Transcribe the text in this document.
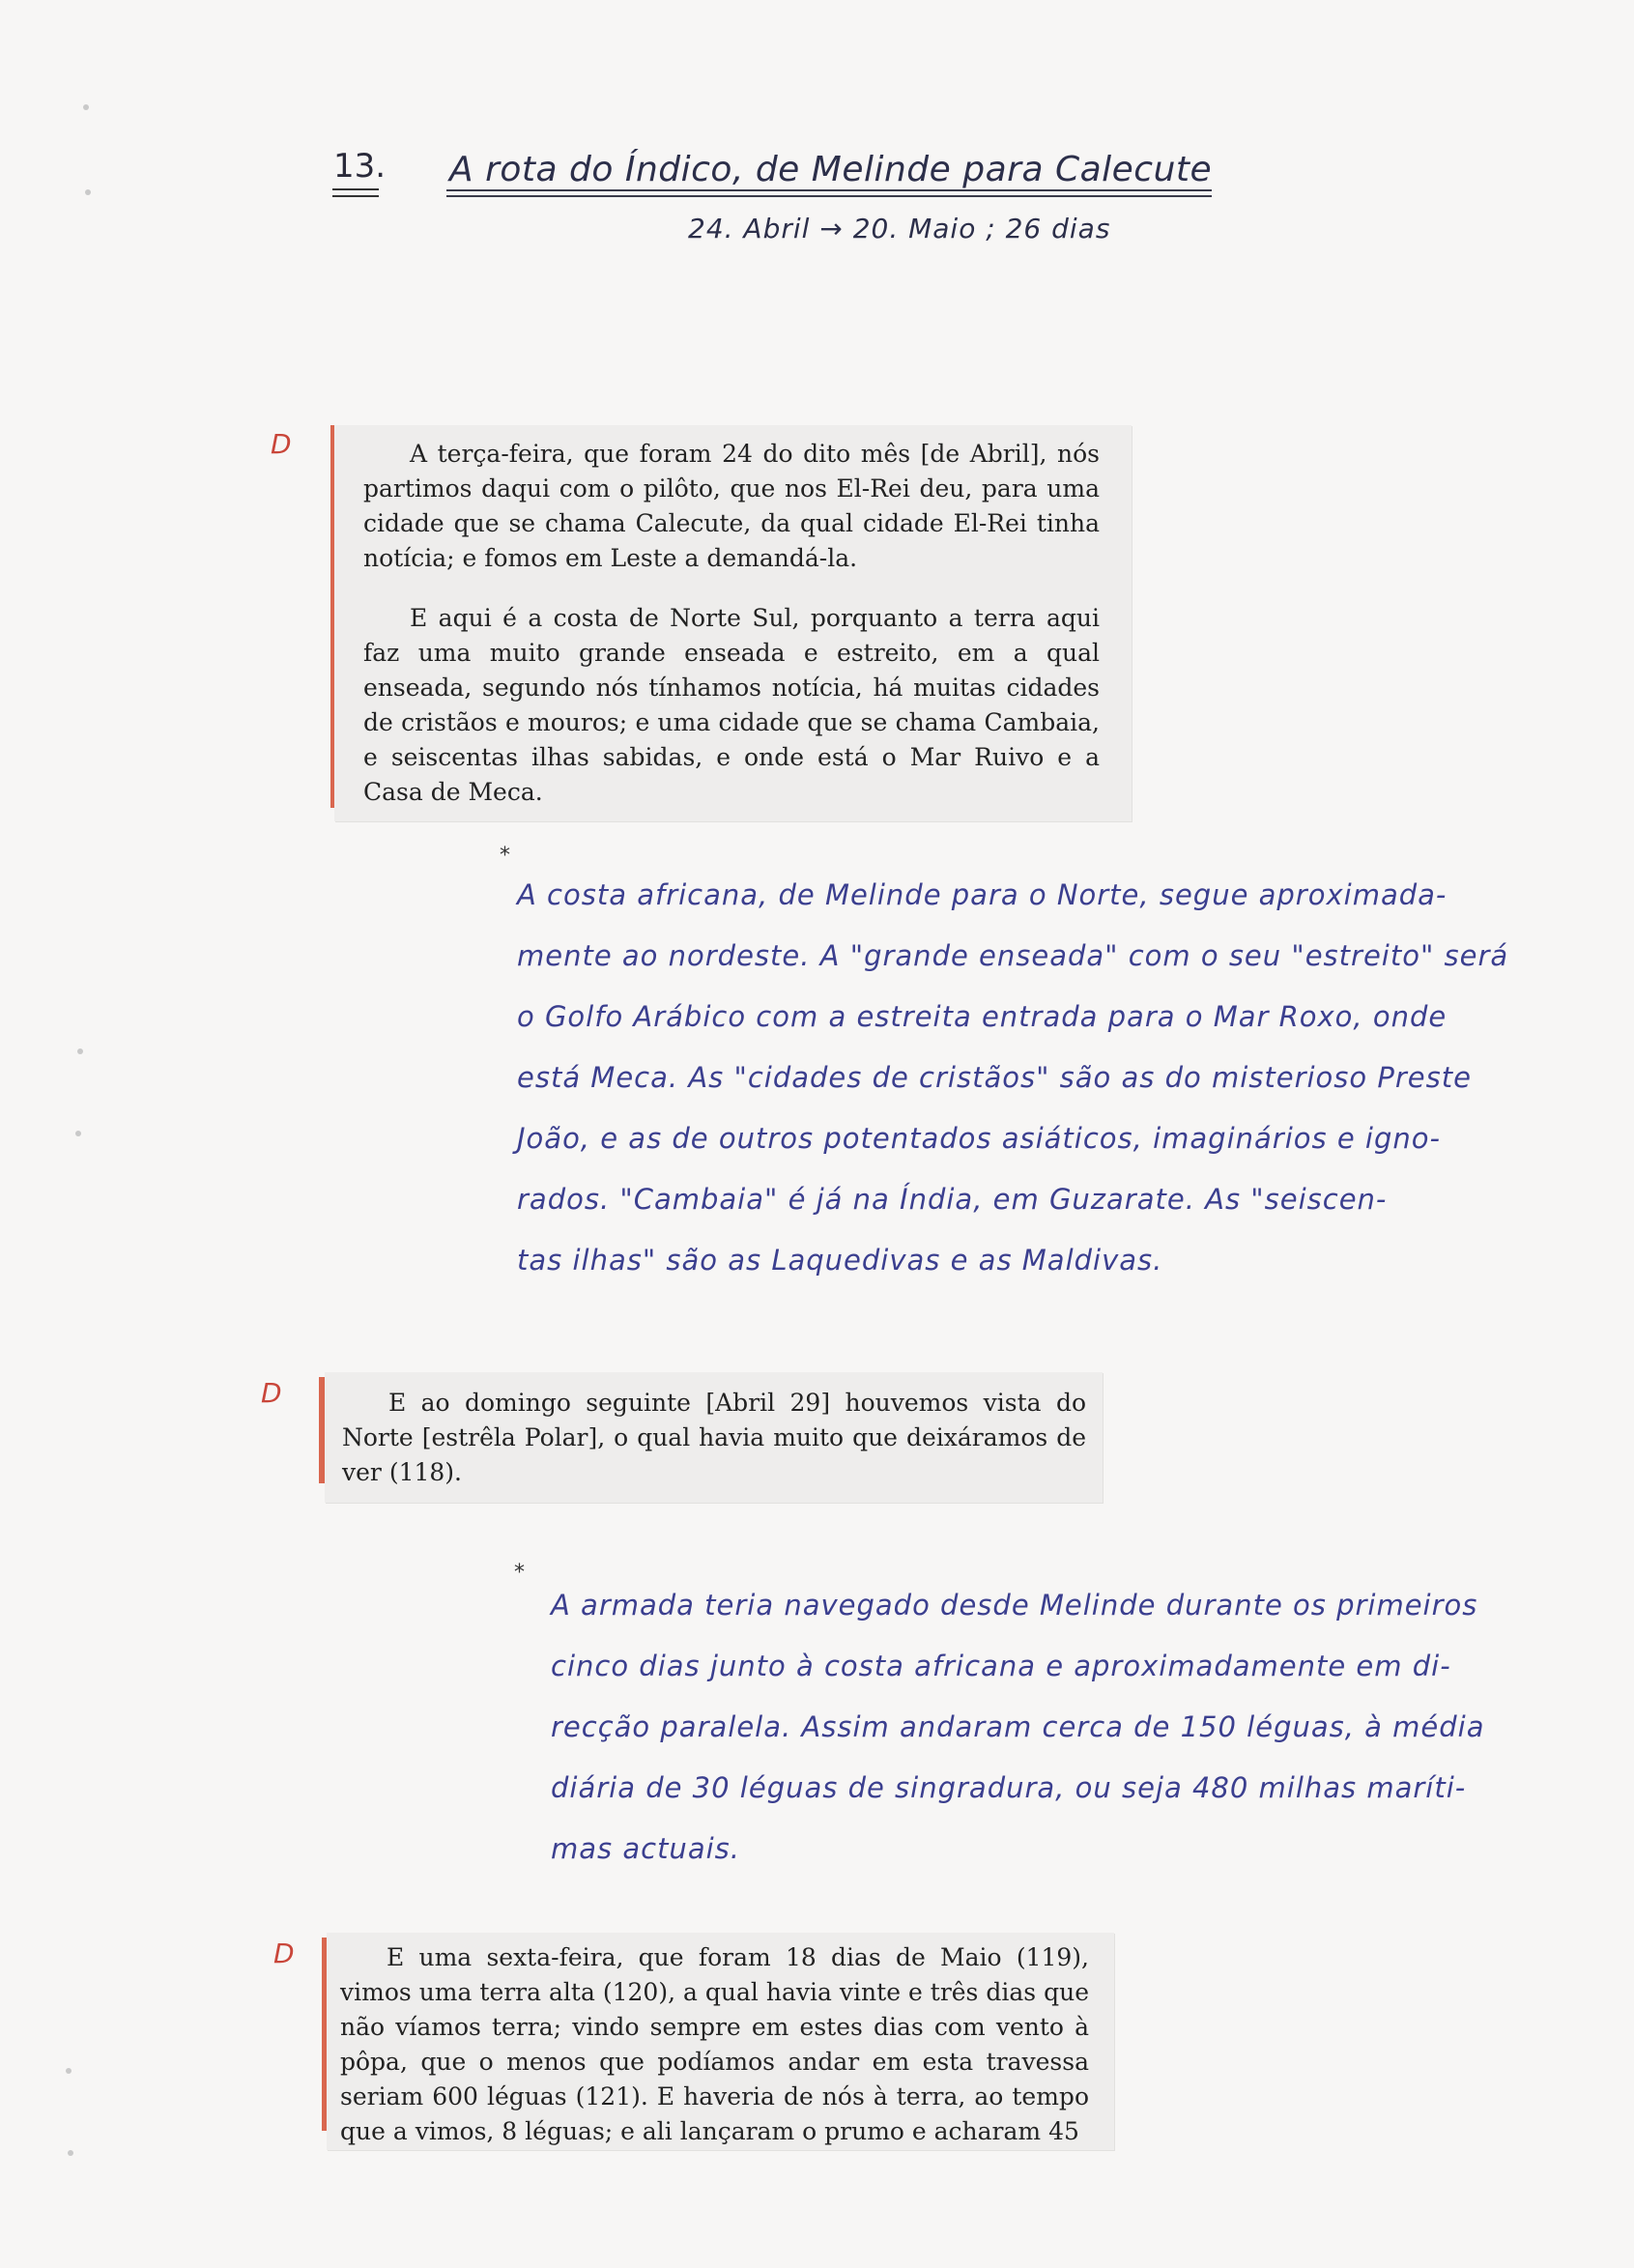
13. A rota do Índico, de Melinde para Calecute
24. Abril → 20. Maio ; 26 dias
D	A terça-feira, que foram 24 do dito mês [de Abril], nós partimos daqui com o pilôto, que nos El-Rei deu, para uma cidade que se chama Calecute, da qual cidade El-Rei tinha notícia; e fomos em Leste a demandá-la.

E aqui é a costa de Norte Sul, porquanto a terra aqui faz uma muito grande enseada e estreito, em a qual enseada, segundo nós tínhamos notícia, há muitas cidades de cristãos e mouros; e uma cidade que se chama Cambaia, e seiscentas ilhas sabidas, e onde está o Mar Ruivo e a Casa de Meca.

*
A costa africana, de Melinde para o Norte, segue aproximada-
mente ao nordeste. A "grande enseada" com o seu "estreito" será
o Golfo Arábico com a estreita entrada para o Mar Roxo, onde
está Meca. As "cidades de cristãos" são as do misterioso Preste
João, e as de outros potentados asiáticos, imaginários e igno-
rados. "Cambaia" é já na Índia, em Guzarate. As "seiscen-
tas ilhas" são as Laquedivas e as Maldivas.
D	E ao domingo seguinte [Abril 29] houvemos vista do Norte [estrêla Polar], o qual havia muito que deixáramos de ver (118).

*
A armada teria navegado desde Melinde durante os primeiros
cinco dias junto à costa africana e aproximadamente em di-
recção paralela. Assim andaram cerca de 150 léguas, à média
diária de 30 léguas de singradura, ou seja 480 milhas maríti-
mas actuais.
D	E uma sexta-feira, que foram 18 dias de Maio (119), vimos uma terra alta (120), a qual havia vinte e três dias que não víamos terra; vindo sempre em estes dias com vento à pôpa, que o menos que podíamos andar em esta travessa seriam 600 léguas (121). E haveria de nós à terra, ao tempo que a vimos, 8 léguas; e ali lançaram o prumo e acharam 45
